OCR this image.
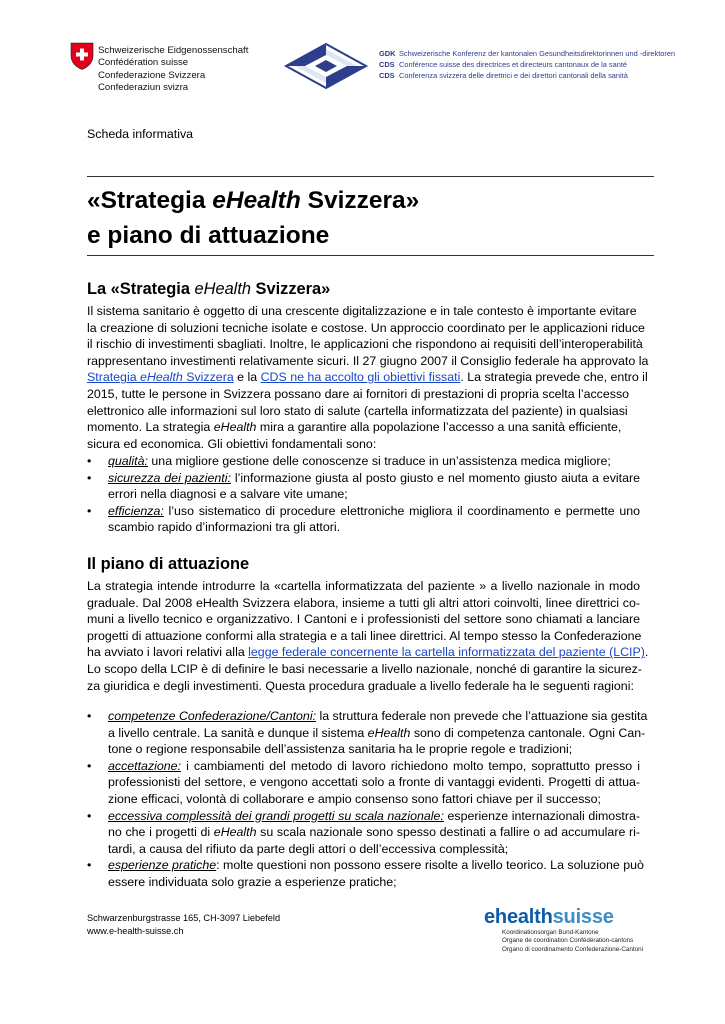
Schweizerische Eidgenossenschaft
Confédération suisse
Confederazione Svizzera
Confederaziun svizra
GDK Schweizerische Konferenz der kantonalen Gesundheitsdirektorinnen und -direktoren
CDS Conférence suisse des directrices et directeurs cantonaux de la santé
CDS Conferenza svizzera delle direttrici e dei direttori cantonali della sanità
Scheda informativa
«Strategia eHealth Svizzera»
e piano di attuazione
La «Strategia eHealth Svizzera»
Il sistema sanitario è oggetto di una crescente digitalizzazione e in tale contesto è importante evitare
la creazione di soluzioni tecniche isolate e costose. Un approccio coordinato per le applicazioni riduce
il rischio di investimenti sbagliati. Inoltre, le applicazioni che rispondono ai requisiti dell’interoperabilità
rappresentano investimenti relativamente sicuri. Il 27 giugno 2007 il Consiglio federale ha approvato la
Strategia eHealth Svizzera e la CDS ne ha accolto gli obiettivi fissati. La strategia prevede che, entro il
2015, tutte le persone in Svizzera possano dare ai fornitori di prestazioni di propria scelta l’accesso
elettronico alle informazioni sul loro stato di salute (cartella informatizzata del paziente) in qualsiasi
momento. La strategia eHealth mira a garantire alla popolazione l’accesso a una sanità efficiente,
sicura ed economica. Gli obiettivi fondamentali sono:
• qualità: una migliore gestione delle conoscenze si traduce in un’assistenza medica migliore;
• sicurezza dei pazienti: l’informazione giusta al posto giusto e nel momento giusto aiuta a evitare
errori nella diagnosi e a salvare vite umane;
• efficienza: l’uso sistematico di procedure elettroniche migliora il coordinamento e permette uno
scambio rapido d’informazioni tra gli attori.
Il piano di attuazione
La strategia intende introdurre la «cartella informatizzata del paziente » a livello nazionale in modo
graduale. Dal 2008 eHealth Svizzera elabora, insieme a tutti gli altri attori coinvolti, linee direttrici co-
muni a livello tecnico e organizzativo. I Cantoni e i professionisti del settore sono chiamati a lanciare
progetti di attuazione conformi alla strategia e a tali linee direttrici. Al tempo stesso la Confederazione
ha avviato i lavori relativi alla legge federale concernente la cartella informatizzata del paziente (LCIP).
Lo scopo della LCIP è di definire le basi necessarie a livello nazionale, nonché di garantire la sicurez-
za giuridica e degli investimenti. Questa procedura graduale a livello federale ha le seguenti ragioni:
• competenze Confederazione/Cantoni: la struttura federale non prevede che l’attuazione sia gestita
a livello centrale. La sanità e dunque il sistema eHealth sono di competenza cantonale. Ogni Can-
tone o regione responsabile dell’assistenza sanitaria ha le proprie regole e tradizioni;
• accettazione: i cambiamenti del metodo di lavoro richiedono molto tempo, soprattutto presso i
professionisti del settore, e vengono accettati solo a fronte di vantaggi evidenti. Progetti di attua-
zione efficaci, volontà di collaborare e ampio consenso sono fattori chiave per il successo;
• eccessiva complessità dei grandi progetti su scala nazionale: esperienze internazionali dimostra-
no che i progetti di eHealth su scala nazionale sono spesso destinati a fallire o ad accumulare ri-
tardi, a causa del rifiuto da parte degli attori o dell’eccessiva complessità;
• esperienze pratiche: molte questioni non possono essere risolte a livello teorico. La soluzione può
essere individuata solo grazie a esperienze pratiche;
Schwarzenburgstrasse 165, CH-3097 Liebefeld
www.e-health-suisse.ch
ehealthsuisse
Koordinationsorgan Bund-Kantone
Organe de coordination Confédération-cantons
Organo di coordinamento Confederazione-Cantoni
